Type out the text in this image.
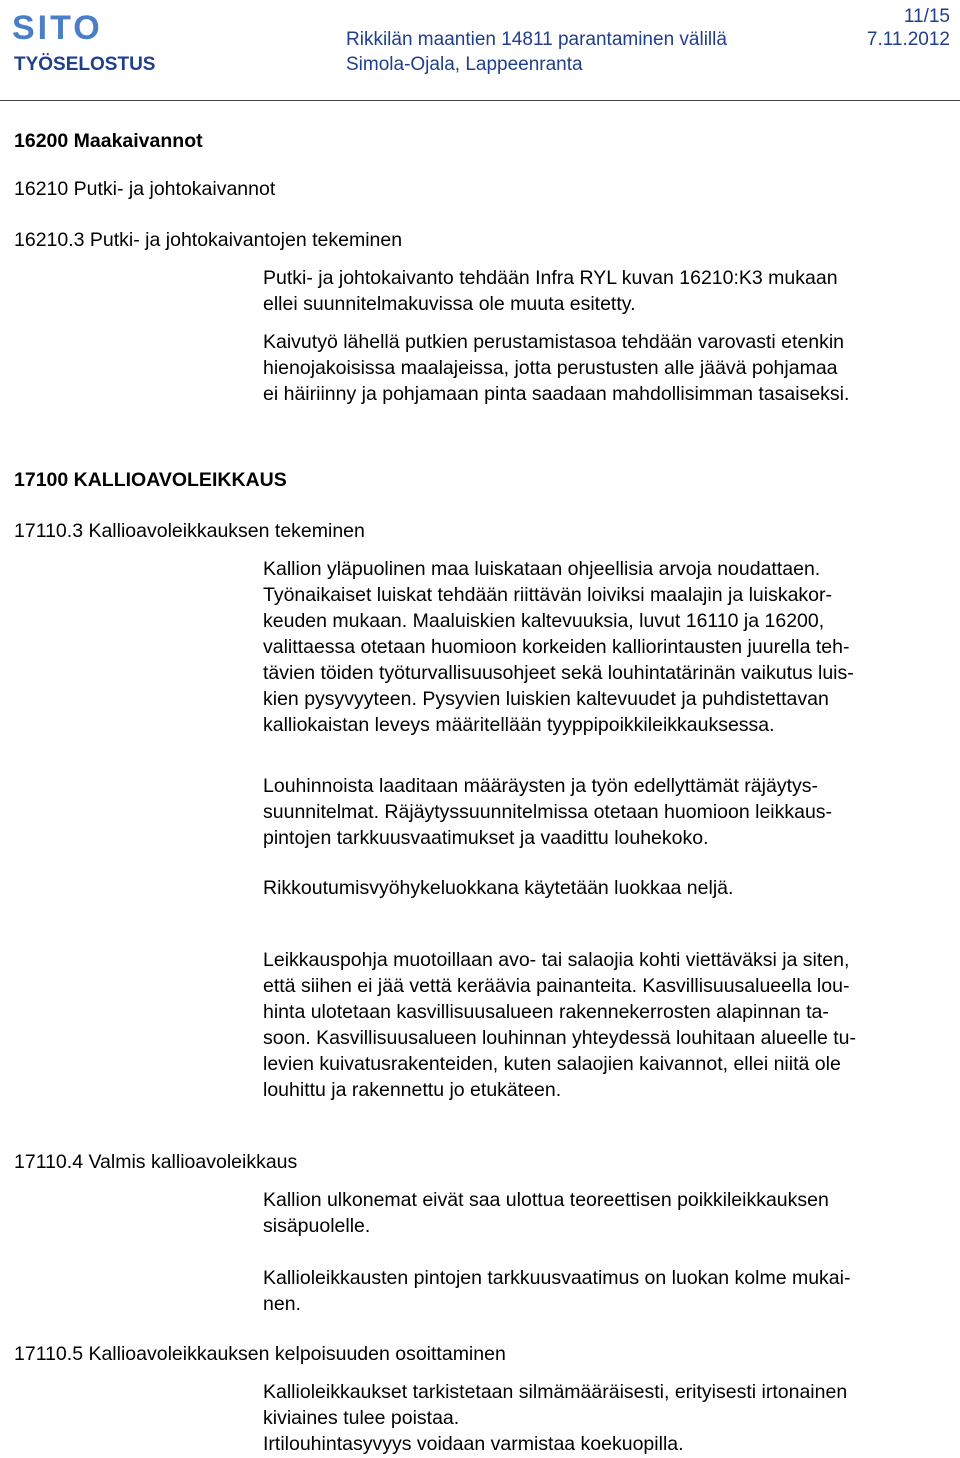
SITO
TYÖSELOSTUS
Rikkilän maantien 14811 parantaminen välillä
Simola-Ojala, Lappeenranta
11/15
7.11.2012
16200 Maakaivannot
16210 Putki- ja johtokaivannot
16210.3 Putki- ja johtokaivantojen tekeminen
Putki- ja johtokaivanto tehdään Infra RYL kuvan 16210:K3 mukaan
ellei suunnitelmakuvissa ole muuta esitetty.
Kaivutyö lähellä putkien perustamistasoa tehdään varovasti etenkin
hienojakoisissa maalajeissa, jotta perustusten alle jäävä pohjamaa
ei häiriinny ja pohjamaan pinta saadaan mahdollisimman tasaiseksi.
17100 KALLIOAVOLEIKKAUS
17110.3 Kallioavoleikkauksen tekeminen
Kallion yläpuolinen maa luiskataan ohjeellisia arvoja noudattaen.
Työnaikaiset luiskat tehdään riittävän loiviksi maalajin ja luiskakor-
keuden mukaan. Maaluiskien kaltevuuksia, luvut 16110 ja 16200,
valittaessa otetaan huomioon korkeiden kalliorintausten juurella teh-
tävien töiden työturvallisuusohjeet sekä louhintatärinän vaikutus luis-
kien pysyvyyteen. Pysyvien luiskien kaltevuudet ja puhdistettavan
kalliokaistan leveys määritellään tyyppipoikkileikkauksessa.
Louhinnoista laaditaan määräysten ja työn edellyttämät räjäytys-
suunnitelmat. Räjäytyssuunnitelmissa otetaan huomioon leikkaus-
pintojen tarkkuusvaatimukset ja vaadittu louhekoko.
Rikkoutumisvyöhykeluokkana käytetään luokkaa neljä.
Leikkauspohja muotoillaan avo- tai salaojia kohti viettäväksi ja siten,
että siihen ei jää vettä keräävia painanteita. Kasvillisuusalueella lou-
hinta ulotetaan kasvillisuusalueen rakennekerrosten alapinnan ta-
soon. Kasvillisuusalueen louhinnan yhteydessä louhitaan alueelle tu-
levien kuivatusrakenteiden, kuten salaojien kaivannot, ellei niitä ole
louhittu ja rakennettu jo etukäteen.
17110.4 Valmis kallioavoleikkaus
Kallion ulkonemat eivät saa ulottua teoreettisen poikkileikkauksen
sisäpuolelle.
Kallioleikkausten pintojen tarkkuusvaatimus on luokan kolme mukai-
nen.
17110.5 Kallioavoleikkauksen kelpoisuuden osoittaminen
Kallioleikkaukset tarkistetaan silmämääräisesti, erityisesti irtonainen
kiviaines tulee poistaa.
Irtilouhintasyvyys voidaan varmistaa koekuopilla.
